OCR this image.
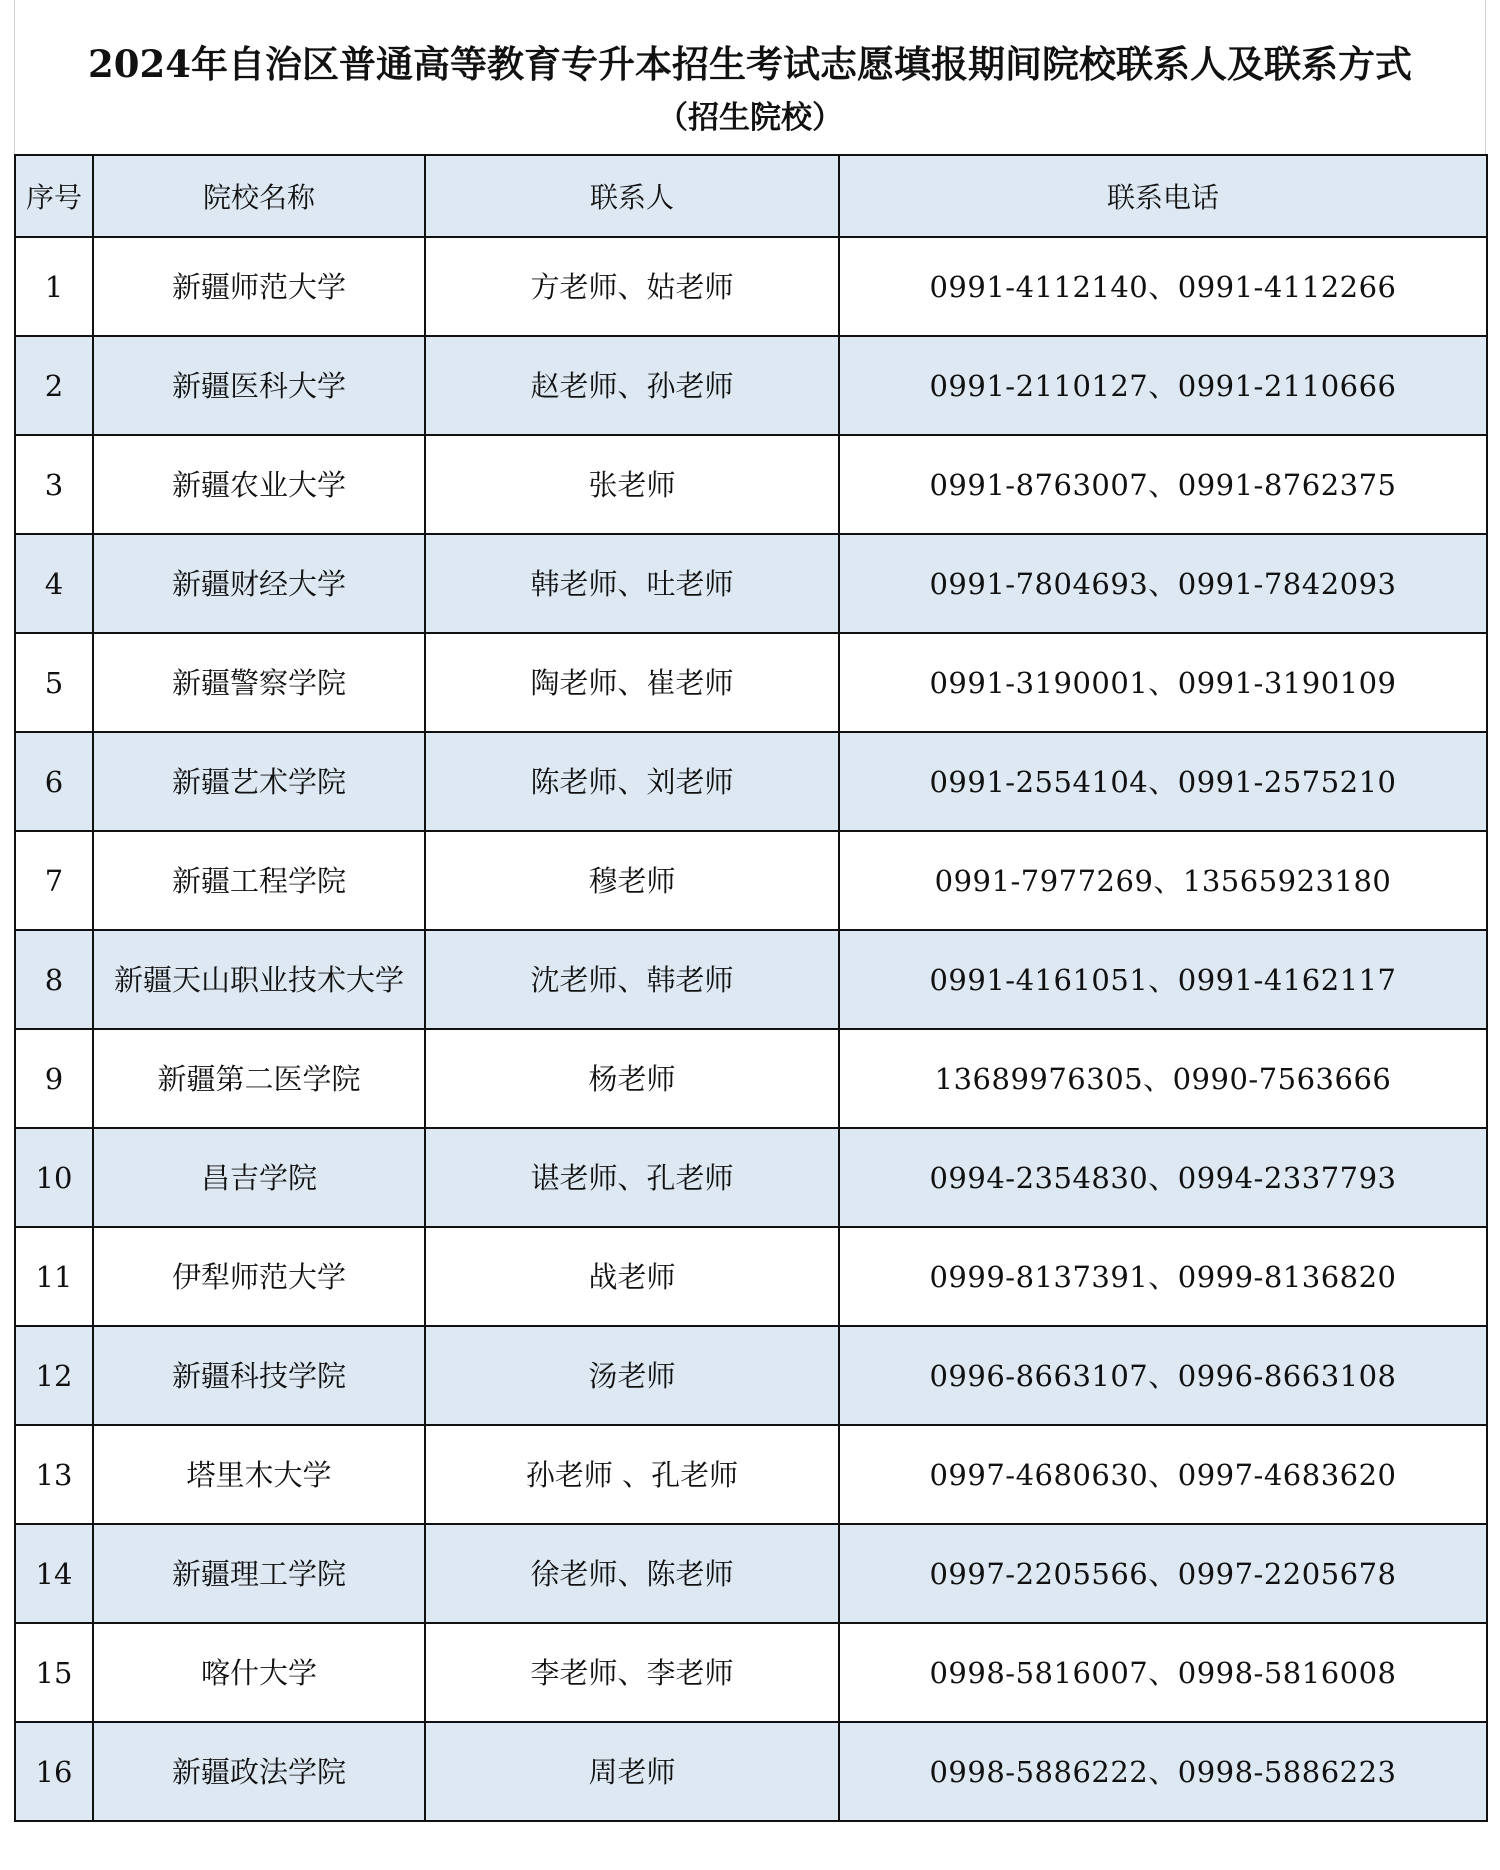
2024年自治区普通高等教育专升本招生考试志愿填报期间院校联系人及联系方式
（招生院校）
序号	院校名称	联系人	联系电话
1	新疆师范大学	方老师、姑老师	0991-4112140、0991-4112266
2	新疆医科大学	赵老师、孙老师	0991-2110127、0991-2110666
3	新疆农业大学	张老师	0991-8763007、0991-8762375
4	新疆财经大学	韩老师、吐老师	0991-7804693、0991-7842093
5	新疆警察学院	陶老师、崔老师	0991-3190001、0991-3190109
6	新疆艺术学院	陈老师、刘老师	0991-2554104、0991-2575210
7	新疆工程学院	穆老师	0991-7977269、13565923180
8	新疆天山职业技术大学	沈老师、韩老师	0991-4161051、0991-4162117
9	新疆第二医学院	杨老师	13689976305、0990-7563666
10	昌吉学院	谌老师、孔老师	0994-2354830、0994-2337793
11	伊犁师范大学	战老师	0999-8137391、0999-8136820
12	新疆科技学院	汤老师	0996-8663107、0996-8663108
13	塔里木大学	孙老师 、孔老师	0997-4680630、0997-4683620
14	新疆理工学院	徐老师、陈老师	0997-2205566、0997-2205678
15	喀什大学	李老师、李老师	0998-5816007、0998-5816008
16	新疆政法学院	周老师	0998-5886222、0998-5886223
